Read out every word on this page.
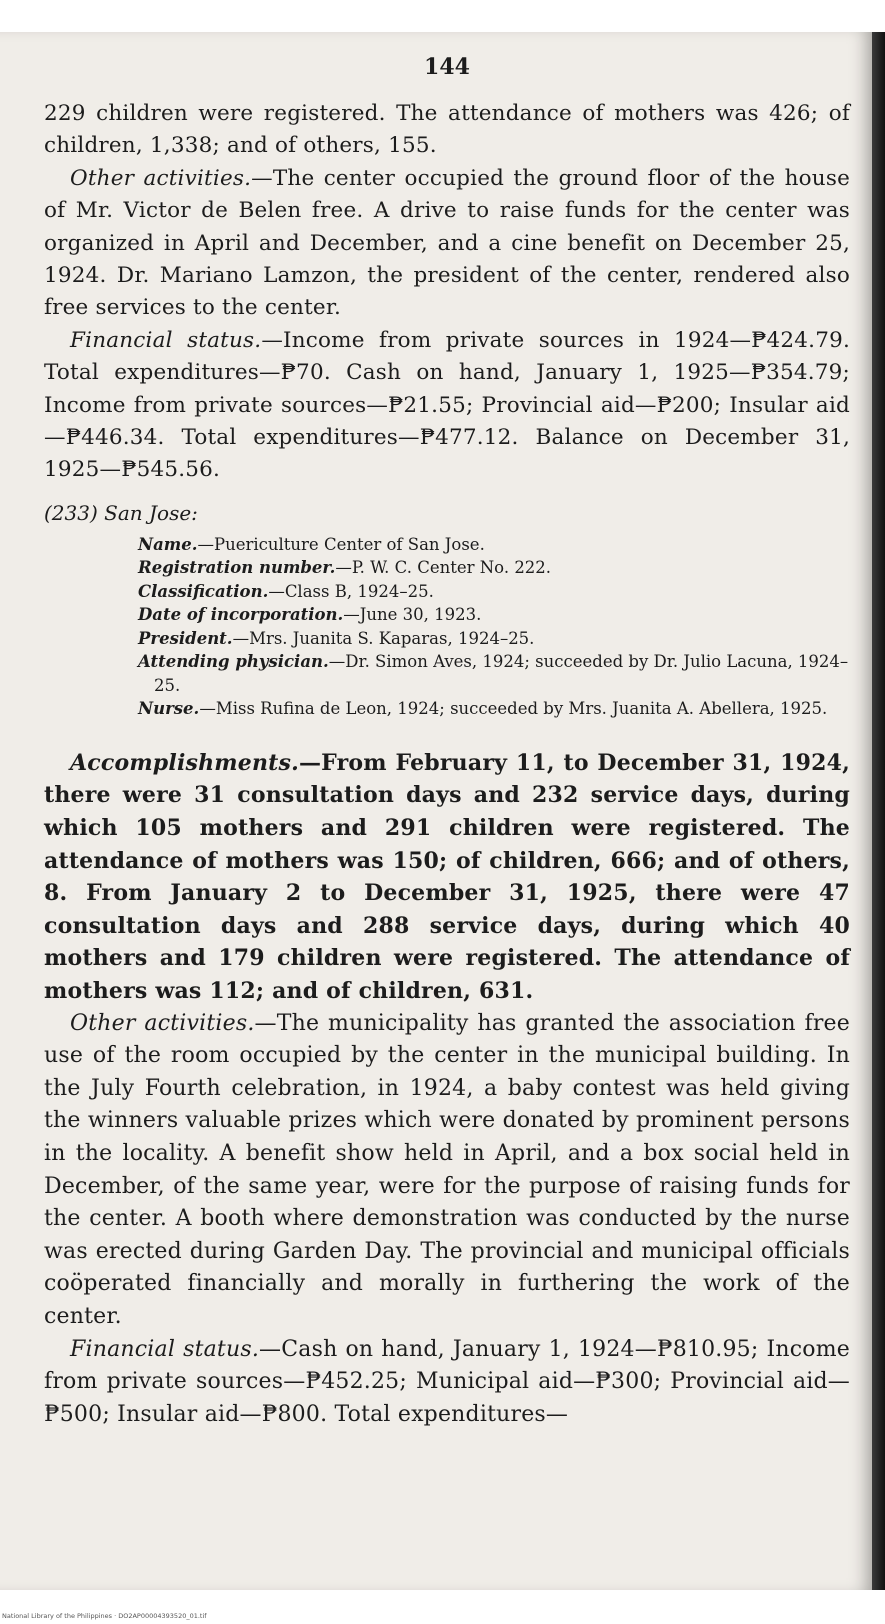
144

229 children were registered. The attendance of mothers was 426; of children, 1,338; and of others, 155.

Other activities.—The center occupied the ground floor of the house of Mr. Victor de Belen free. A drive to raise funds for the center was organized in April and December, and a cine benefit on December 25, 1924. Dr. Mariano Lamzon, the president of the center, rendered also free services to the center.

Financial status.—Income from private sources in 1924—₱424.79. Total expenditures—₱70. Cash on hand, January 1, 1925—₱354.79; Income from private sources—₱21.55; Provincial aid—₱200; Insular aid—₱446.34. Total expenditures—₱477.12. Balance on December 31, 1925—₱545.56.

(233) San Jose:
Name.—Puericulture Center of San Jose.
Registration number.—P. W. C. Center No. 222.
Classification.—Class B, 1924–25.
Date of incorporation.—June 30, 1923.
President.—Mrs. Juanita S. Kaparas, 1924–25.
Attending physician.—Dr. Simon Aves, 1924; succeeded by Dr. Julio Lacuna, 1924–25.
Nurse.—Miss Rufina de Leon, 1924; succeeded by Mrs. Juanita A. Abellera, 1925.

Accomplishments.—From February 11, to December 31, 1924, there were 31 consultation days and 232 service days, during which 105 mothers and 291 children were registered. The attendance of mothers was 150; of children, 666; and of others, 8. From January 2 to December 31, 1925, there were 47 consultation days and 288 service days, during which 40 mothers and 179 children were registered. The attendance of mothers was 112; and of children, 631.

Other activities.—The municipality has granted the association free use of the room occupied by the center in the municipal building. In the July Fourth celebration, in 1924, a baby contest was held giving the winners valuable prizes which were donated by prominent persons in the locality. A benefit show held in April, and a box social held in December, of the same year, were for the purpose of raising funds for the center. A booth where demonstration was conducted by the nurse was erected during Garden Day. The provincial and municipal officials coöperated financially and morally in furthering the work of the center.

Financial status.—Cash on hand, January 1, 1924—₱810.95; Income from private sources—₱452.25; Municipal aid—₱300; Provincial aid—₱500; Insular aid—₱800. Total expenditures—

National Library of the Philippines · DO2AP00004393520_01.tif
